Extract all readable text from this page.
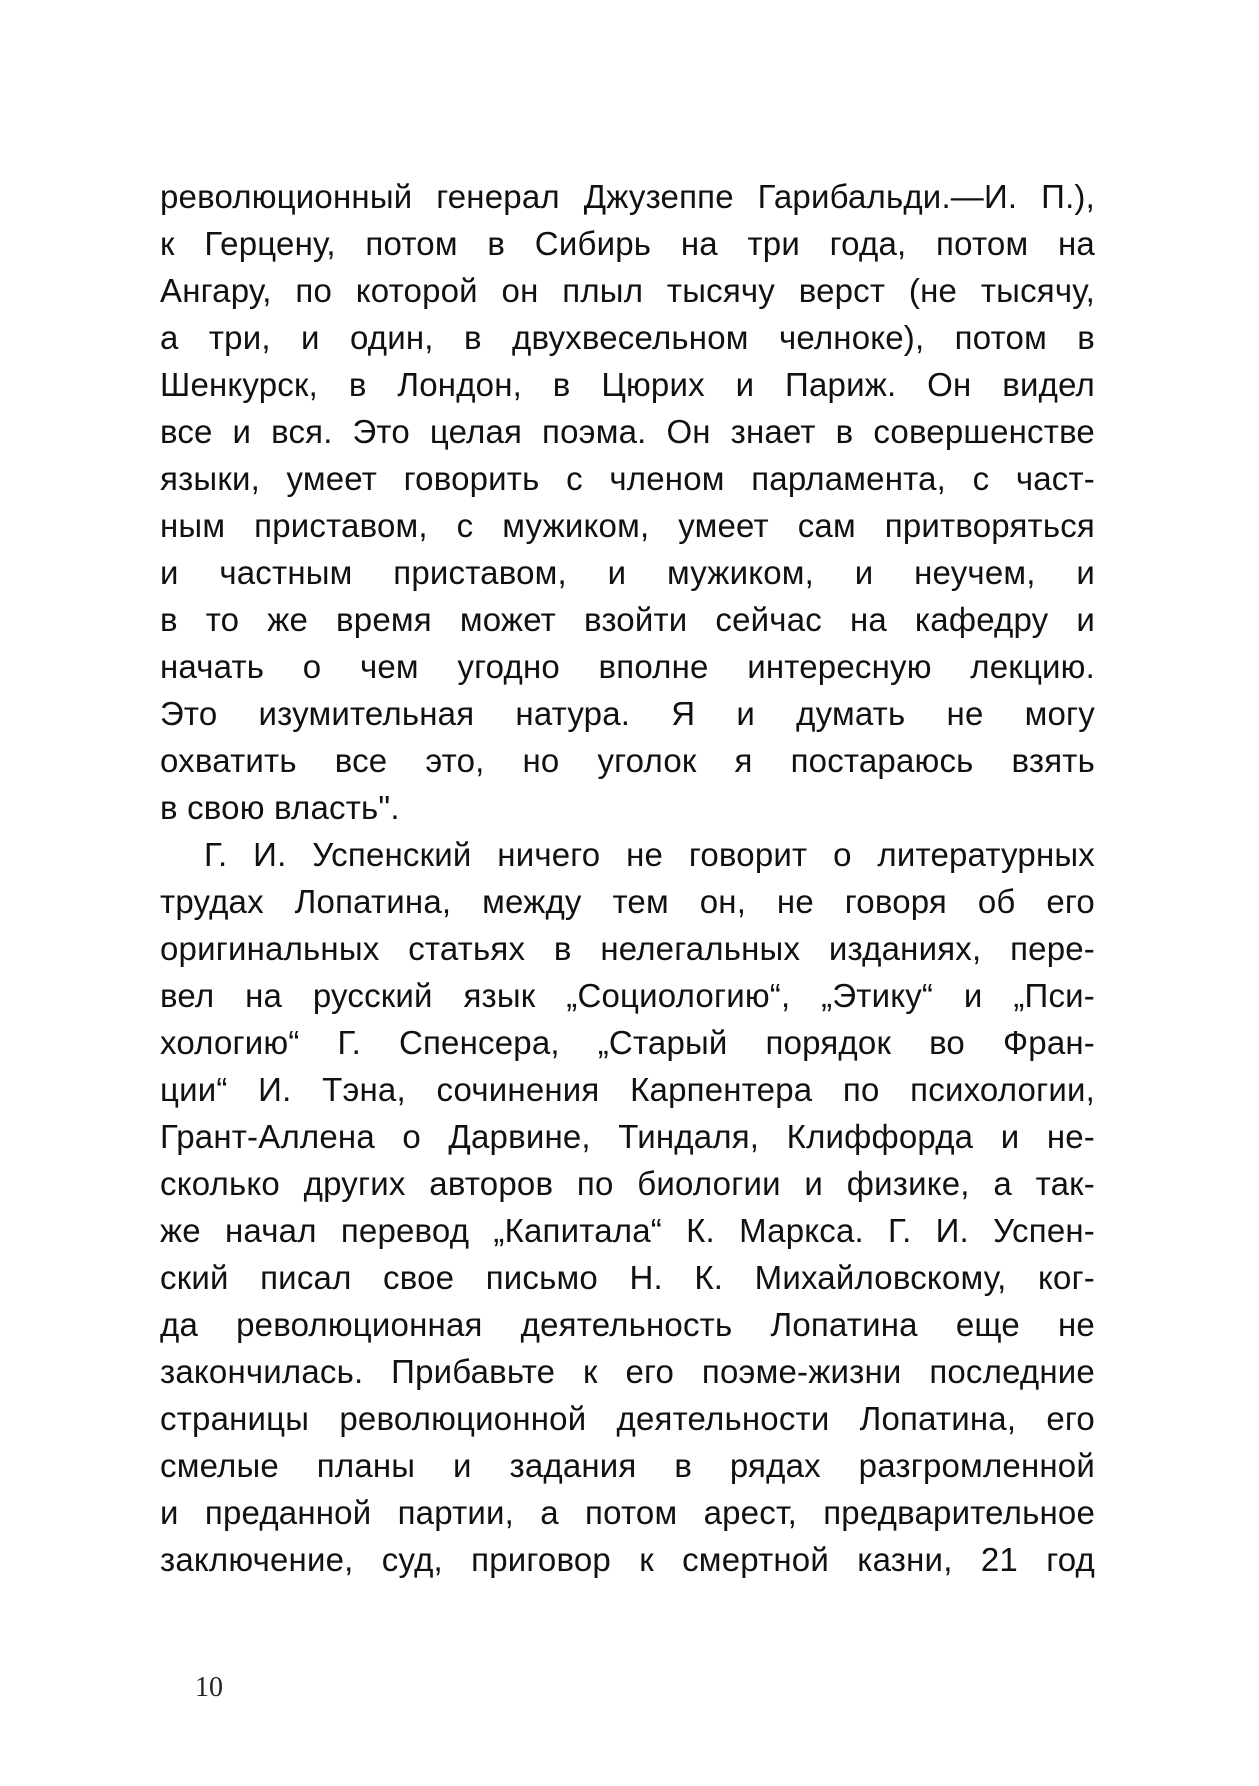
революционный генерал Джузеппе Гарибальди.—И. П.),
к Герцену, потом в Сибирь на три года, потом на
Ангару, по которой он плыл тысячу верст (не тысячу,
а три, и один, в двухвесельном челноке), потом в
Шенкурск, в Лондон, в Цюрих и Париж. Он видел
все и вся. Это целая поэма. Он знает в совершенстве
языки, умеет говорить с членом парламента, с част-
ным приставом, с мужиком, умеет сам притворяться
и частным приставом, и мужиком, и неучем, и
в то же время может взойти сейчас на кафедру и
начать о чем угодно вполне интересную лекцию.
Это изумительная натура. Я и думать не могу
охватить все это, но уголок я постараюсь взять
в свою власть".
Г. И. Успенский ничего не говорит о литературных
трудах Лопатина, между тем он, не говоря об его
оригинальных статьях в нелегальных изданиях, пере-
вел на русский язык „Социологию“, „Этику“ и „Пси-
хологию“ Г. Спенсера, „Старый порядок во Фран-
ции“ И. Тэна, сочинения Карпентера по психологии,
Грант-Аллена о Дарвине, Тиндаля, Клиффорда и не-
сколько других авторов по биологии и физике, а так-
же начал перевод „Капитала“ К. Маркса. Г. И. Успен-
ский писал свое письмо Н. К. Михайловскому, ког-
да революционная деятельность Лопатина еще не
закончилась. Прибавьте к его поэме-жизни последние
страницы революционной деятельности Лопатина, его
смелые планы и задания в рядах разгромленной
и преданной партии, а потом арест, предварительное
заключение, суд, приговор к смертной казни, 21 год
10
